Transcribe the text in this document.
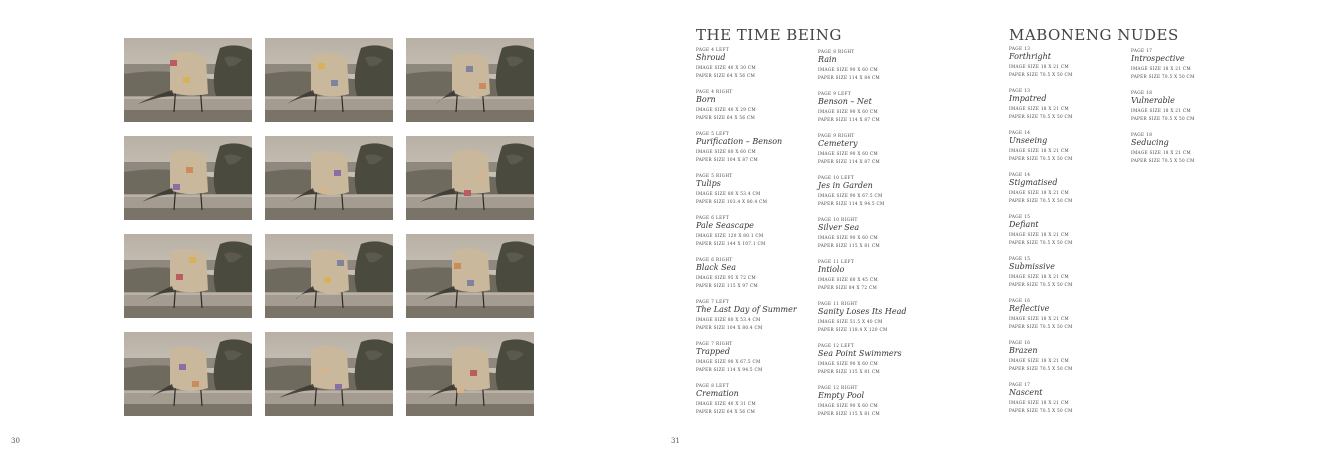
30	31
THE TIME BEING
PAGE 4 LEFT
Shroud
IMAGE SIZE 40 X 30 CM
PAPER SIZE 64 X 56 CM
PAGE 4 RIGHT
Born
IMAGE SIZE 40 X 29 CM
PAPER SIZE 64 X 56 CM
PAGE 5 LEFT
Purification – Benson
IMAGE SIZE 80 X 60 CM
PAPER SIZE 104 X 87 CM
PAGE 5 RIGHT
Tulips
IMAGE SIZE 80 X 53.4 CM
PAPER SIZE 103.4 X 80.4 CM
PAGE 6 LEFT
Pale Seascape
IMAGE SIZE 120 X 80.1 CM
PAPER SIZE 144 X 107.1 CM
PAGE 6 RIGHT
Black Sea
IMAGE SIZE 95 X 72 CM
PAPER SIZE 115 X 97 CM
PAGE 7 LEFT
The Last Day of Summer
IMAGE SIZE 80 X 53.4 CM
PAPER SIZE 104 X 80.4 CM
PAGE 7 RIGHT
Trapped
IMAGE SIZE 90 X 67.5 CM
PAPER SIZE 114 X 94.5 CM
PAGE 8 LEFT
Cremation
IMAGE SIZE 40 X 31 CM
PAPER SIZE 64 X 56 CM
PAGE 8 RIGHT
Rain
IMAGE SIZE 90 X 60 CM
PAPER SIZE 114 X 84 CM
PAGE 9 LEFT
Benson – Net
IMAGE SIZE 90 X 60 CM
PAPER SIZE 114 X 87 CM
PAGE 9 RIGHT
Cemetery
IMAGE SIZE 90 X 60 CM
PAPER SIZE 114 X 87 CM
PAGE 10 LEFT
Jes in Garden
IMAGE SIZE 90 X 67.5 CM
PAPER SIZE 114 X 94.5 CM
PAGE 10 RIGHT
Silver Sea
IMAGE SIZE 90 X 60 CM
PAPER SIZE 115 X 81 CM
PAGE 11 LEFT
Intiolo
IMAGE SIZE 60 X 45 CM
PAPER SIZE 84 X 72 CM
PAGE 11 RIGHT
Sanity Loses Its Head
IMAGE SIZE 51.5 X 40 CM
PAPER SIZE 118.4 X 120 CM
PAGE 12 LEFT
Sea Point Swimmers
IMAGE SIZE 90 X 60 CM
PAPER SIZE 115 X 81 CM
PAGE 12 RIGHT
Empty Pool
IMAGE SIZE 90 X 60 CM
PAPER SIZE 115 X 81 CM
MABONENG NUDES
PAGE 13
Forthright
IMAGE SIZE 18 X 21 CM
PAPER SIZE 70.5 X 50 CM
PAGE 13
Impatred
IMAGE SIZE 18 X 21 CM
PAPER SIZE 70.5 X 50 CM
PAGE 14
Unseeing
IMAGE SIZE 18 X 21 CM
PAPER SIZE 70.5 X 50 CM
PAGE 14
Stigmatised
IMAGE SIZE 18 X 21 CM
PAPER SIZE 70.5 X 50 CM
PAGE 15
Defiant
IMAGE SIZE 18 X 21 CM
PAPER SIZE 70.5 X 50 CM
PAGE 15
Submissive
IMAGE SIZE 18 X 21 CM
PAPER SIZE 70.5 X 50 CM
PAGE 16
Reflective
IMAGE SIZE 18 X 21 CM
PAPER SIZE 70.5 X 50 CM
PAGE 16
Brazen
IMAGE SIZE 18 X 21 CM
PAPER SIZE 70.5 X 50 CM
PAGE 17
Nascent
IMAGE SIZE 18 X 21 CM
PAPER SIZE 70.5 X 50 CM
PAGE 17
Introspective
IMAGE SIZE 18 X 21 CM
PAPER SIZE 70.5 X 50 CM
PAGE 18
Vulnerable
IMAGE SIZE 18 X 21 CM
PAPER SIZE 70.5 X 50 CM
PAGE 18
Seducing
IMAGE SIZE 18 X 21 CM
PAPER SIZE 70.5 X 50 CM
